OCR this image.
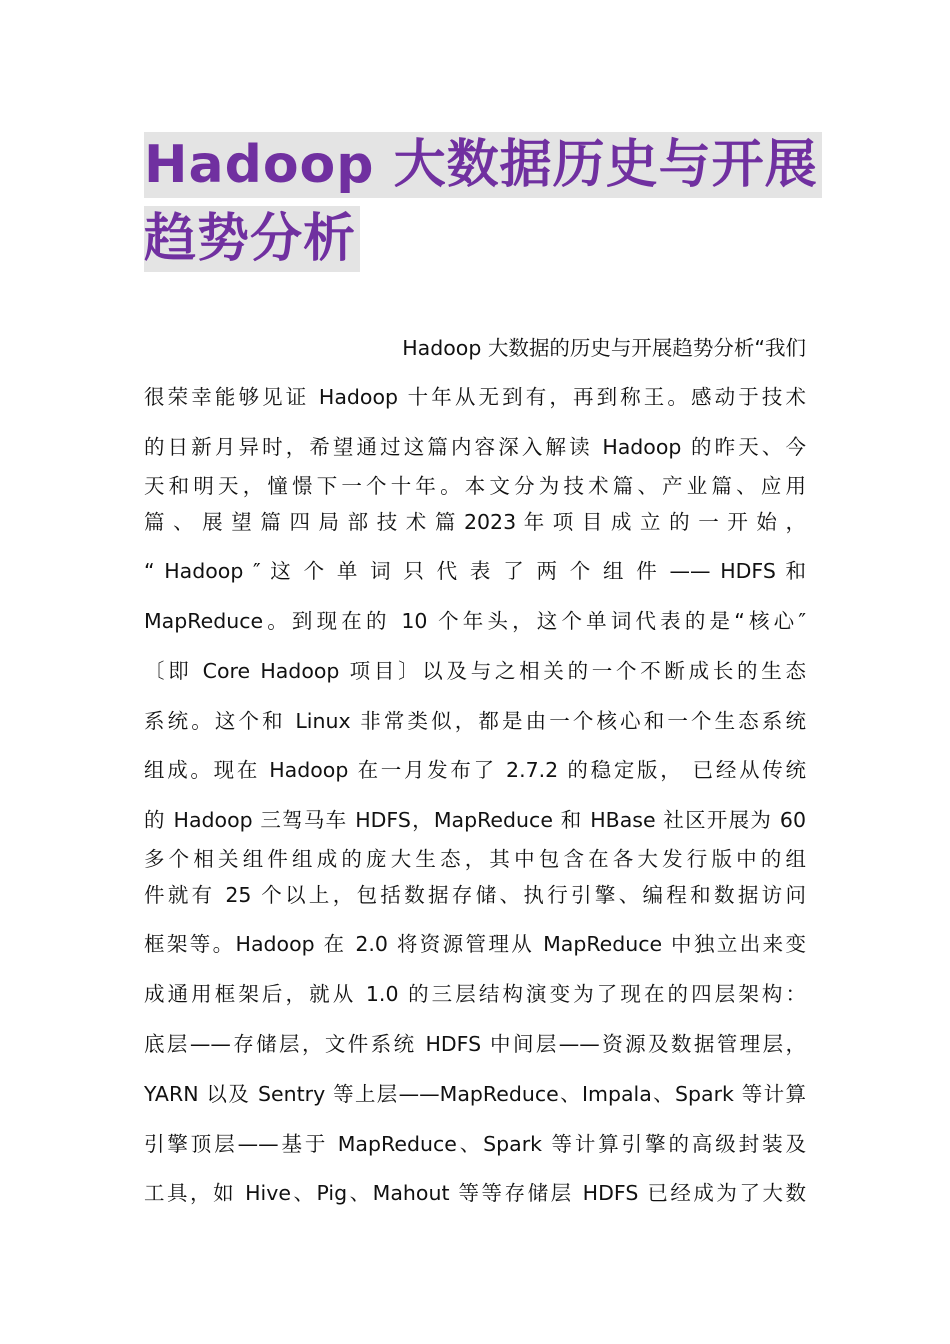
Hadoop 大数据历史与开展
趋势分析
Hadoop 大数据的历史与开展趋势分析“我们
很荣幸能够见证 Hadoop 十年从无到有，再到称王。感动于技术
的日新月异时，希望通过这篇内容深入解读 Hadoop 的昨天、今
天和明天，憧憬下一个十年。本文分为技术篇、产业篇、应用
篇 、 展 望 篇 四 局 部 技 术 篇 2023 年 项 目 成 立 的 一 开 始 ，
“ Hadoop ″ 这 个 单 词 只 代 表 了 两 个 组 件 —— HDFS 和
MapReduce。到现在的 10 个年头，这个单词代表的是“核心″
〔即 Core Hadoop 项目〕以及与之相关的一个不断成长的生态
系统。这个和 Linux 非常类似，都是由一个核心和一个生态系统
组成。现在 Hadoop 在一月发布了 2.7.2 的稳定版， 已经从传统
的 Hadoop 三驾马车 HDFS，MapReduce 和 HBase 社区开展为 60
多个相关组件组成的庞大生态，其中包含在各大发行版中的组
件就有 25 个以上，包括数据存储、执行引擎、编程和数据访问
框架等。Hadoop 在 2.0 将资源管理从 MapReduce 中独立出来变
成通用框架后，就从 1.0 的三层结构演变为了现在的四层架构：
底层——存储层，文件系统 HDFS 中间层——资源及数据管理层，
YARN 以及 Sentry 等上层——MapReduce、Impala、Spark 等计算
引擎顶层——基于 MapReduce、Spark 等计算引擎的高级封装及
工具，如 Hive、Pig、Mahout 等等存储层 HDFS 已经成为了大数
